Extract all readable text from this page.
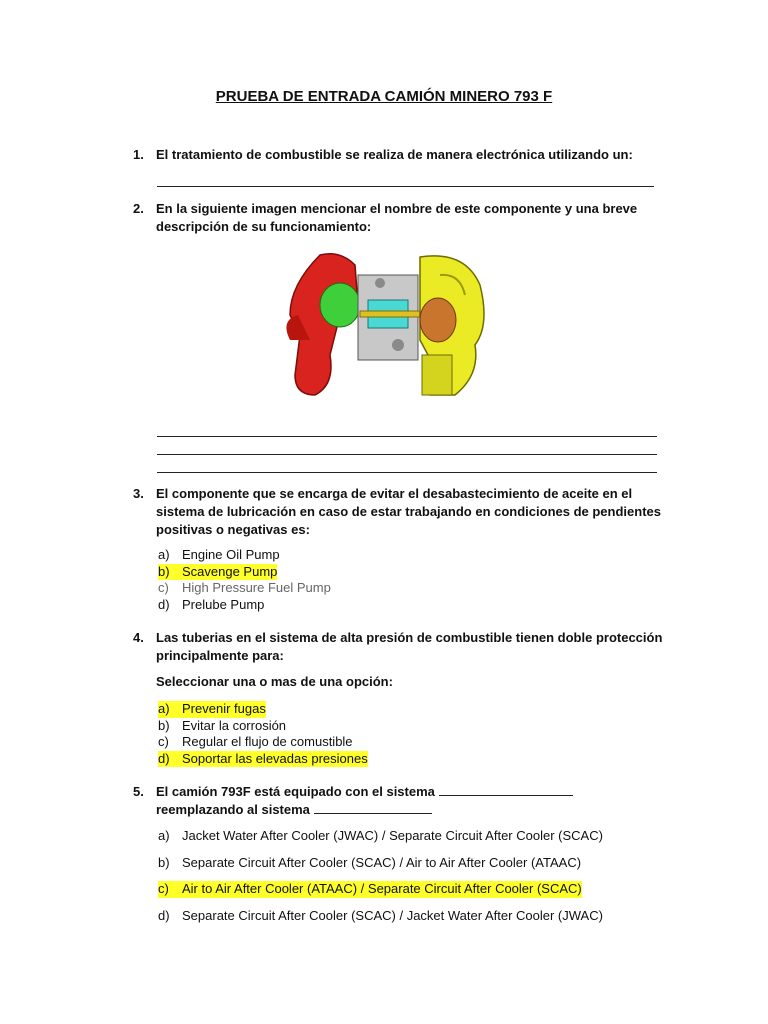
PRUEBA DE ENTRADA CAMIÓN MINERO 793 F
1. El tratamiento de combustible se realiza de manera electrónica utilizando un:
2. En la siguiente imagen mencionar el nombre de este componente y una breve descripción de su funcionamiento:
3. El componente que se encarga de evitar el desabastecimiento de aceite en el sistema de lubricación en caso de estar trabajando en condiciones de pendientes positivas o negativas es:
a) Engine Oil Pump
b) Scavenge Pump
c) High Pressure Fuel Pump
d) Prelube Pump
4. Las tuberias en el sistema de alta presión de combustible tienen doble protección principalmente para:
Seleccionar una o mas de una opción:
a) Prevenir fugas
b) Evitar la corrosión
c) Regular el flujo de comustible
d) Soportar las elevadas presiones
5. El camión 793F está equipado con el sistema  reemplazando al sistema
a) Jacket Water After Cooler (JWAC) / Separate Circuit After Cooler (SCAC)
b) Separate Circuit After Cooler (SCAC) / Air to Air After Cooler (ATAAC)
c) Air to Air After Cooler (ATAAC) / Separate Circuit After Cooler (SCAC)
d) Separate Circuit After Cooler (SCAC) / Jacket Water After Cooler (JWAC)
